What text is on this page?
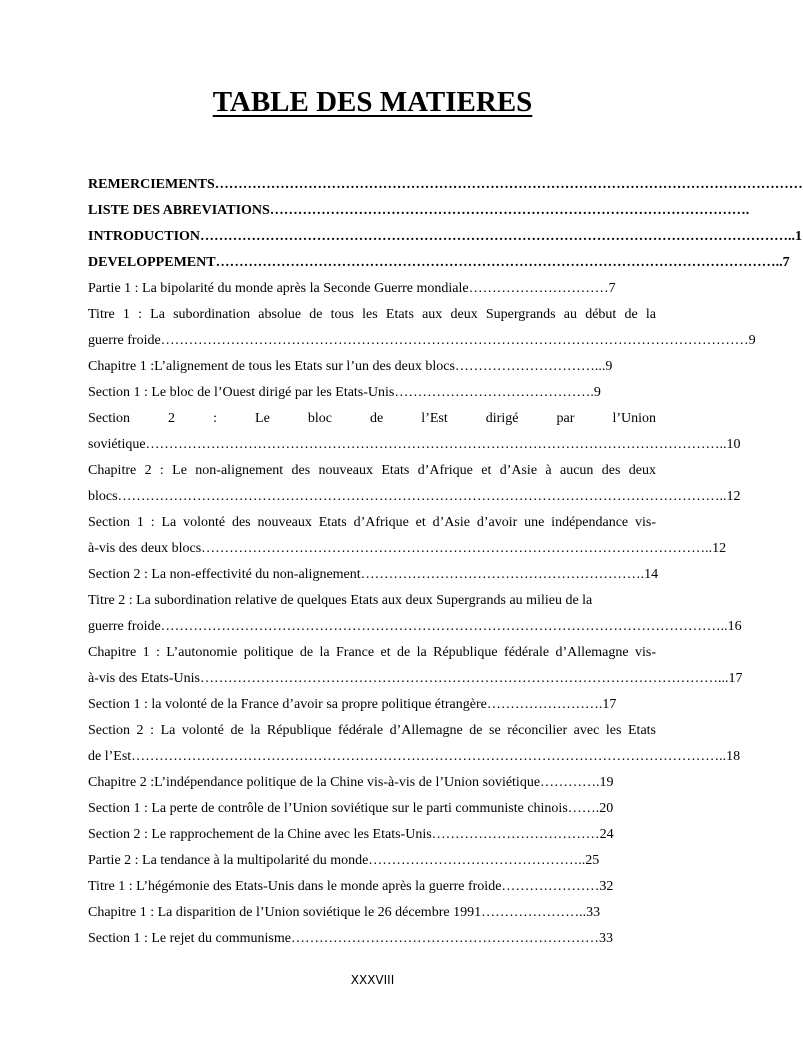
TABLE DES MATIERES
REMERCIEMENTS………………………………………………………………………………………………………………
LISTE DES ABREVIATIONS………………………………………………………………………………………….
INTRODUCTION………………………………………………………………………………………………………………..1
DEVELOPPEMENT…………………………………………………………………………………………………………..7
Partie 1 : La bipolarité du monde après la Seconde Guerre mondiale…………………………7
Titre 1 : La subordination absolue de tous les Etats aux deux Supergrands au début de la
guerre froide………………………………………………………………………………………………………………9
Chapitre 1 :L’alignement de tous les Etats sur l’un des deux blocs…………………………...9
Section 1 : Le bloc de l’Ouest dirigé par les Etats-Unis…………………………………….9
Section 2 : Le bloc de l’Est dirigé par l’Union
soviétique……………………………………………………………………………………………………………..10
Chapitre 2 : Le non-alignement des nouveaux Etats d’Afrique et d’Asie à aucun des deux
blocs…………………………………………………………………………………………………………………..12
Section 1 : La volonté des nouveaux Etats d’Afrique et d’Asie d’avoir une indépendance vis-
à-vis des deux blocs………………………………………………………………………………………………..12
Section 2 : La non-effectivité du non-alignement…………………………………………………….14
Titre 2 : La subordination relative de quelques Etats aux deux Supergrands au milieu de la
guerre froide…………………………………………………………………………………………………………..16
Chapitre 1 : L’autonomie politique de la France et de la République fédérale d’Allemagne vis-
à-vis des Etats-Unis…………………………………………………………………………………………………...17
Section 1 : la volonté de la France d’avoir sa propre politique étrangère…………………….17
Section 2 : La volonté de la République fédérale d’Allemagne de se réconcilier avec les Etats
de l’Est………………………………………………………………………………………………………………..18
Chapitre 2 :L’indépendance politique de la Chine vis-à-vis de l’Union soviétique………….19
Section 1 : La perte de contrôle de l’Union soviétique sur le parti communiste chinois…….20
Section 2 : Le rapprochement de la Chine avec les Etats-Unis………………………………24
Partie 2 : La tendance à la multipolarité du monde………………………………………..25
Titre 1 : L’hégémonie des Etats-Unis dans le monde après la guerre froide…………………32
Chapitre 1 : La disparition de l’Union soviétique le 26 décembre 1991…………………..33
Section 1 : Le rejet du communisme…………………………………………………………33
XXXVIII
